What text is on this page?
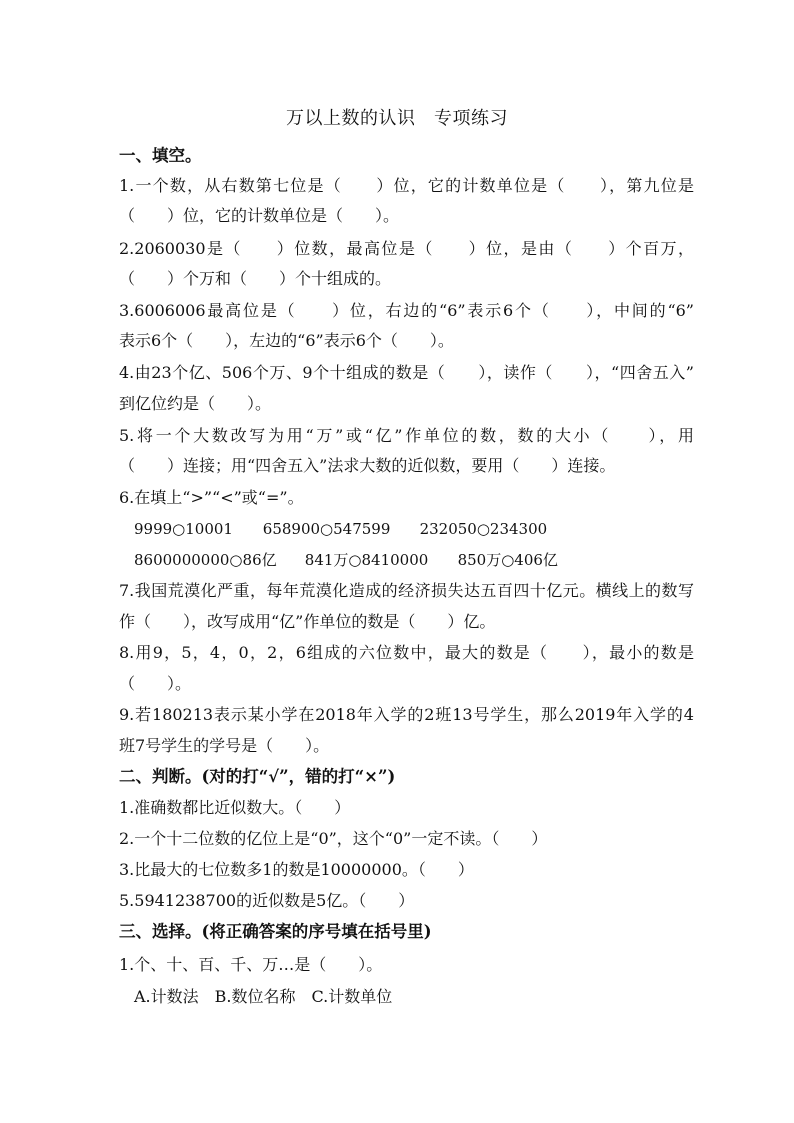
万以上数的认识　专项练习
一、填空。
1.一个数，从右数第七位是（　　）位，它的计数单位是（　　），第九位是
（　　）位，它的计数单位是（　　）。
2.2060030是（　　）位数，最高位是（　　）位，是由（　　）个百万，
（　　）个万和（　　）个十组成的。
3.6006006最高位是（　　）位，右边的“6”表示6个（　　），中间的“6”
表示6个（　　），左边的“6”表示6个（　　）。
4.由23个亿、506个万、9个十组成的数是（　　），读作（　　），“四舍五入”
到亿位约是（　　）。
5.将一个大数改写为用“万”或“亿”作单位的数，数的大小（　　），用
（　　）连接；用“四舍五入”法求大数的近似数，要用（　　）连接。
6.在填上“>”“<”或“=”。
9999○10001 658900○547599 232050○234300
8600000000○86亿 841万○8410000 850万○406亿
7.我国荒漠化严重，每年荒漠化造成的经济损失达五百四十亿元。横线上的数写
作（　　），改写成用“亿”作单位的数是（　　）亿。
8.用9，5，4，0，2，6组成的六位数中，最大的数是（　　），最小的数是
（　　）。
9.若180213表示某小学在2018年入学的2班13号学生，那么2019年入学的4
班7号学生的学号是（　　）。
二、判断。(对的打“√”，错的打“×”)
1.准确数都比近似数大。（　　）
2.一个十二位数的亿位上是“0”，这个“0”一定不读。（　　）
3.比最大的七位数多1的数是10000000。（　　）
5.5941238700的近似数是5亿。（　　）
三、选择。(将正确答案的序号填在括号里)
1.个、十、百、千、万…是（　　）。
A.计数法　B.数位名称　C.计数单位
